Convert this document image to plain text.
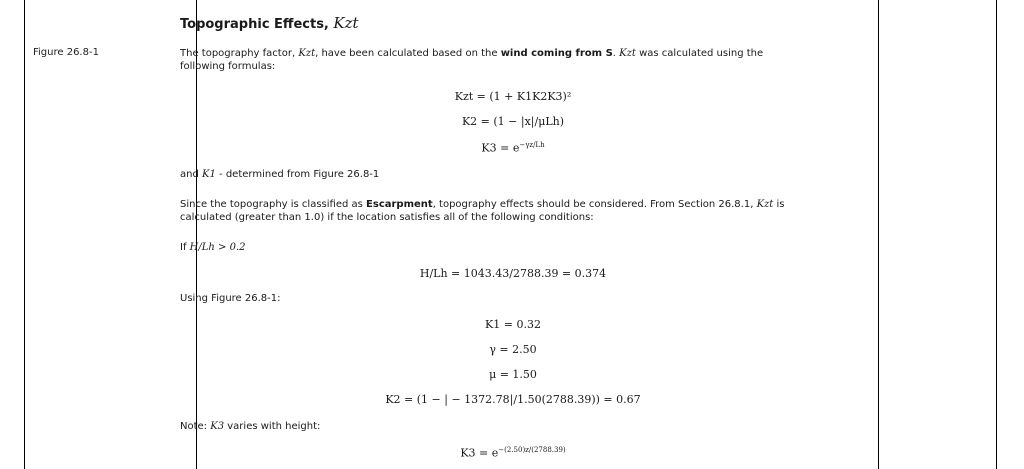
Figure 26.8-1
Topographic Effects, Kzt
The topography factor, Kzt, have been calculated based on the wind coming from S. Kzt was calculated using the
following formulas:
Kzt = (1 + K1K2K3)²
K2 = (1 − |x|/μLh)
$K3 = e^{-\gamma z/Lh}$
and K1 - determined from Figure 26.8-1
Since the topography is classified as Escarpment, topography effects should be considered. From Section 26.8.1, Kzt is
calculated (greater than 1.0) if the location satisfies all of the following conditions:
If H/Lh > 0.2
H/Lh = 1043.43/2788.39 = 0.374
Using Figure 26.8-1:
K1 = 0.32
γ = 2.50
μ = 1.50
K2 = (1 − | − 1372.78|/1.50(2788.39)) = 0.67
Note: K3 varies with height:
$K3 = e^{-(2.50)z/(2788.39)}$
